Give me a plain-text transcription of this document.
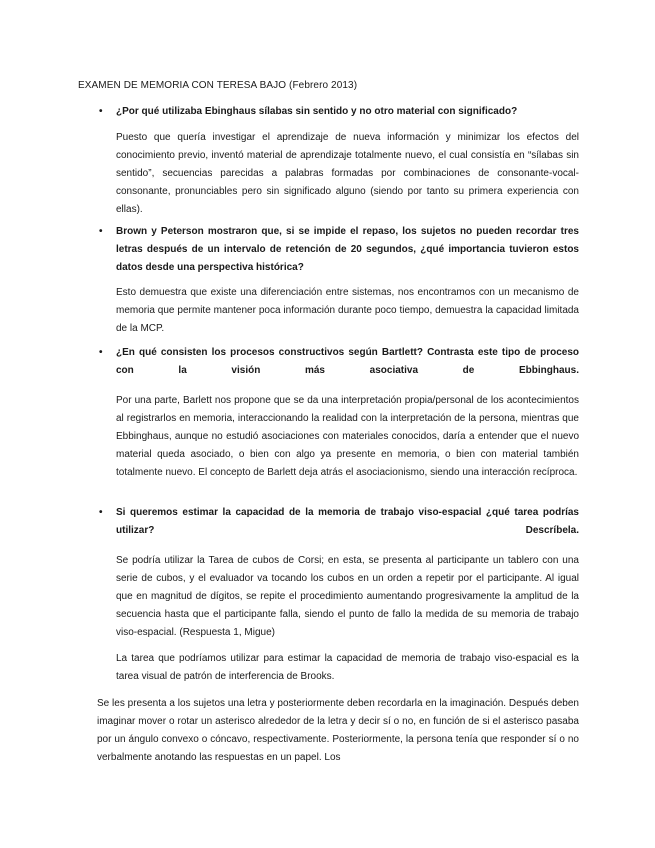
EXAMEN DE MEMORIA CON TERESA BAJO (Febrero 2013)
• ¿Por qué utilizaba Ebinghaus sílabas sin sentido y no otro material con significado?
Puesto que quería investigar el aprendizaje de nueva información y minimizar los efectos del conocimiento previo, inventó material de aprendizaje totalmente nuevo, el cual consistía en “sílabas sin sentido”, secuencias parecidas a palabras formadas por combinaciones de consonante-vocal-consonante, pronunciables pero sin significado alguno (siendo por tanto su primera experiencia con ellas).
• Brown y Peterson mostraron que, si se impide el repaso, los sujetos no pueden recordar tres letras después de un intervalo de retención de 20 segundos, ¿qué importancia tuvieron estos datos desde una perspectiva histórica?
Esto demuestra que existe una diferenciación entre sistemas, nos encontramos con un mecanismo de memoria que permite mantener poca información durante poco tiempo, demuestra la capacidad limitada de la MCP.
• ¿En qué consisten los procesos constructivos según Bartlett? Contrasta este tipo de proceso con la visión más asociativa de Ebbinghaus.
Por una parte, Barlett nos propone que se da una interpretación propia/personal de los acontecimientos al registrarlos en memoria, interaccionando la realidad con la interpretación de la persona, mientras que Ebbinghaus, aunque no estudió asociaciones con materiales conocidos, daría a entender que el nuevo material queda asociado, o bien con algo ya presente en memoria, o bien con material también totalmente nuevo. El concepto de Barlett deja atrás el asociacionismo, siendo una interacción recíproca.
• Si queremos estimar la capacidad de la memoria de trabajo viso-espacial ¿qué tarea podrías utilizar? Descríbela.
Se podría utilizar la Tarea de cubos de Corsi; en esta, se presenta al participante un tablero con una serie de cubos, y el evaluador va tocando los cubos en un orden a repetir por el participante. Al igual que en magnitud de dígitos, se repite el procedimiento aumentando progresivamente la amplitud de la secuencia hasta que el participante falla, siendo el punto de fallo la medida de su memoria de trabajo viso-espacial. (Respuesta 1, Migue)
La tarea que podríamos utilizar para estimar la capacidad de memoria de trabajo viso-espacial es la tarea visual de patrón de interferencia de Brooks.
Se les presenta a los sujetos una letra y posteriormente deben recordarla en la imaginación. Después deben imaginar mover o rotar un asterisco alrededor de la letra y decir sí o no, en función de si el asterisco pasaba por un ángulo convexo o cóncavo, respectivamente. Posteriormente, la persona tenía que responder sí o no verbalmente anotando las respuestas en un papel. Los
